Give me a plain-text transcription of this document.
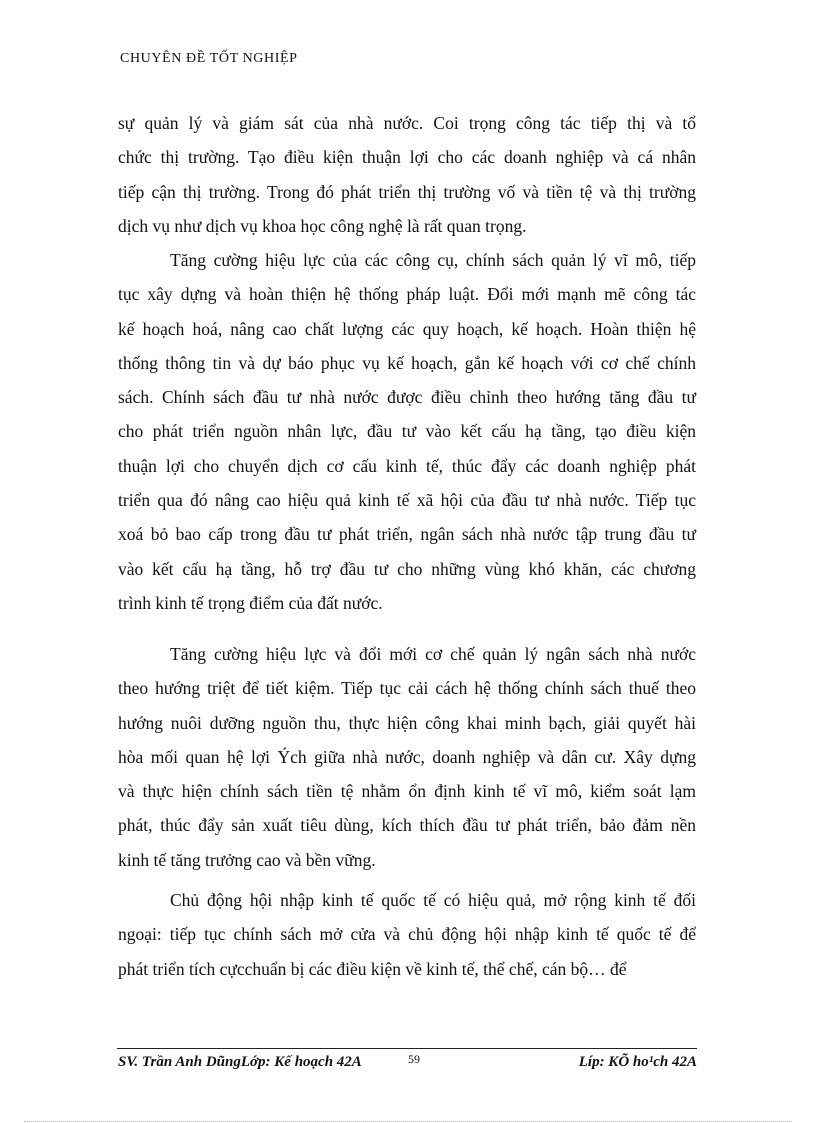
CHUYÊN ĐỀ TỐT NGHIỆP
sự quản lý và giám sát của nhà nước. Coi trọng công tác tiếp thị và tổ
chức thị trường. Tạo điều kiện thuận lợi cho các doanh nghiệp và cá nhân
tiếp cận thị trường. Trong đó phát triển thị trường vố và tiền tệ và thị trường
dịch vụ như dịch vụ khoa học công nghệ là rất quan trọng.
Tăng cường hiệu lực của các công cụ, chính sách quản lý vĩ mô, tiếp
tục xây dựng và hoàn thiện hệ thống pháp luật. Đổi mới mạnh mẽ công tác
kế hoạch hoá, nâng cao chất lượng các quy hoạch, kế hoạch. Hoàn thiện hệ
thống thông tin và dự báo phục vụ kế hoạch, gắn kế hoạch với cơ chế chính
sách. Chính sách đầu tư nhà nước được điều chỉnh theo hướng tăng đầu tư
cho phát triển nguồn nhân lực, đầu tư vào kết cấu hạ tầng, tạo điều kiện
thuận lợi cho chuyển dịch cơ cấu kinh tế, thúc đẩy các doanh nghiệp phát
triển qua đó nâng cao hiệu quả kinh tế xã hội của đầu tư nhà nước. Tiếp tục
xoá bỏ bao cấp trong đầu tư phát triển, ngân sách nhà nước tập trung đầu tư
vào kết cấu hạ tầng, hỗ trợ đầu tư cho những vùng khó khăn, các chương
trình kinh tế trọng điểm của đất nước.
Tăng cường hiệu lực và đổi mới cơ chế quản lý ngân sách nhà nước
theo hướng triệt để tiết kiệm. Tiếp tục cải cách hệ thống chính sách thuế theo
hướng nuôi dưỡng nguồn thu, thực hiện công khai minh bạch, giải quyết hài
hòa mối quan hệ lợi Ých giữa nhà nước, doanh nghiệp và dân cư. Xây dựng
và thực hiện chính sách tiền tệ nhằm ổn định kinh tế vĩ mô, kiểm soát lạm
phát, thúc đẩy sản xuất tiêu dùng, kích thích đầu tư phát triển, bảo đảm nền
kinh tế tăng trưởng cao và bền vững.
Chủ động hội nhập kinh tế quốc tế có hiệu quả, mở rộng kinh tế đối
ngoại: tiếp tục chính sách mở cửa và chủ động hội nhập kinh tế quốc tế để
phát triển tích cựcchuẩn bị các điều kiện về kinh tế, thể chế, cán bộ… để
SV. Trần Anh DũngLớp: Kế hoạch 42A	59	Líp: KÕ ho¹ch 42A
